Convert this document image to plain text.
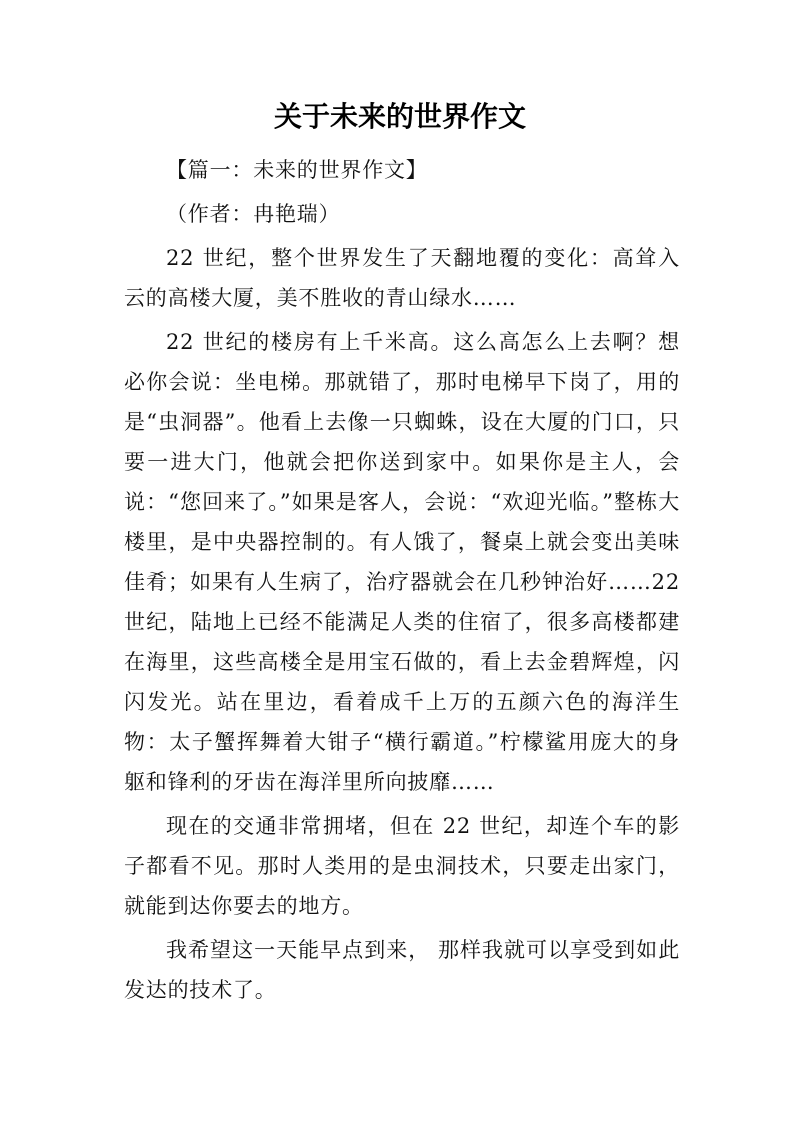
关于未来的世界作文

【篇一：未来的世界作文】

（作者：冉艳瑞）

22 世纪，整个世界发生了天翻地覆的变化：高耸入云的高楼大厦，美不胜收的青山绿水……

22 世纪的楼房有上千米高。这么高怎么上去啊？想必你会说：坐电梯。那就错了，那时电梯早下岗了，用的是“虫洞器”。他看上去像一只蜘蛛，设在大厦的门口，只要一进大门，他就会把你送到家中。如果你是主人，会说：“您回来了。”如果是客人，会说：“欢迎光临。”整栋大楼里，是中央器控制的。有人饿了，餐桌上就会变出美味佳肴；如果有人生病了，治疗器就会在几秒钟治好……22 世纪，陆地上已经不能满足人类的住宿了，很多高楼都建在海里，这些高楼全是用宝石做的，看上去金碧辉煌，闪闪发光。站在里边，看着成千上万的五颜六色的海洋生物：太子蟹挥舞着大钳子“横行霸道。”柠檬鲨用庞大的身躯和锋利的牙齿在海洋里所向披靡……

现在的交通非常拥堵，但在 22 世纪，却连个车的影子都看不见。那时人类用的是虫洞技术，只要走出家门，就能到达你要去的地方。

我希望这一天能早点到来， 那样我就可以享受到如此发达的技术了。
